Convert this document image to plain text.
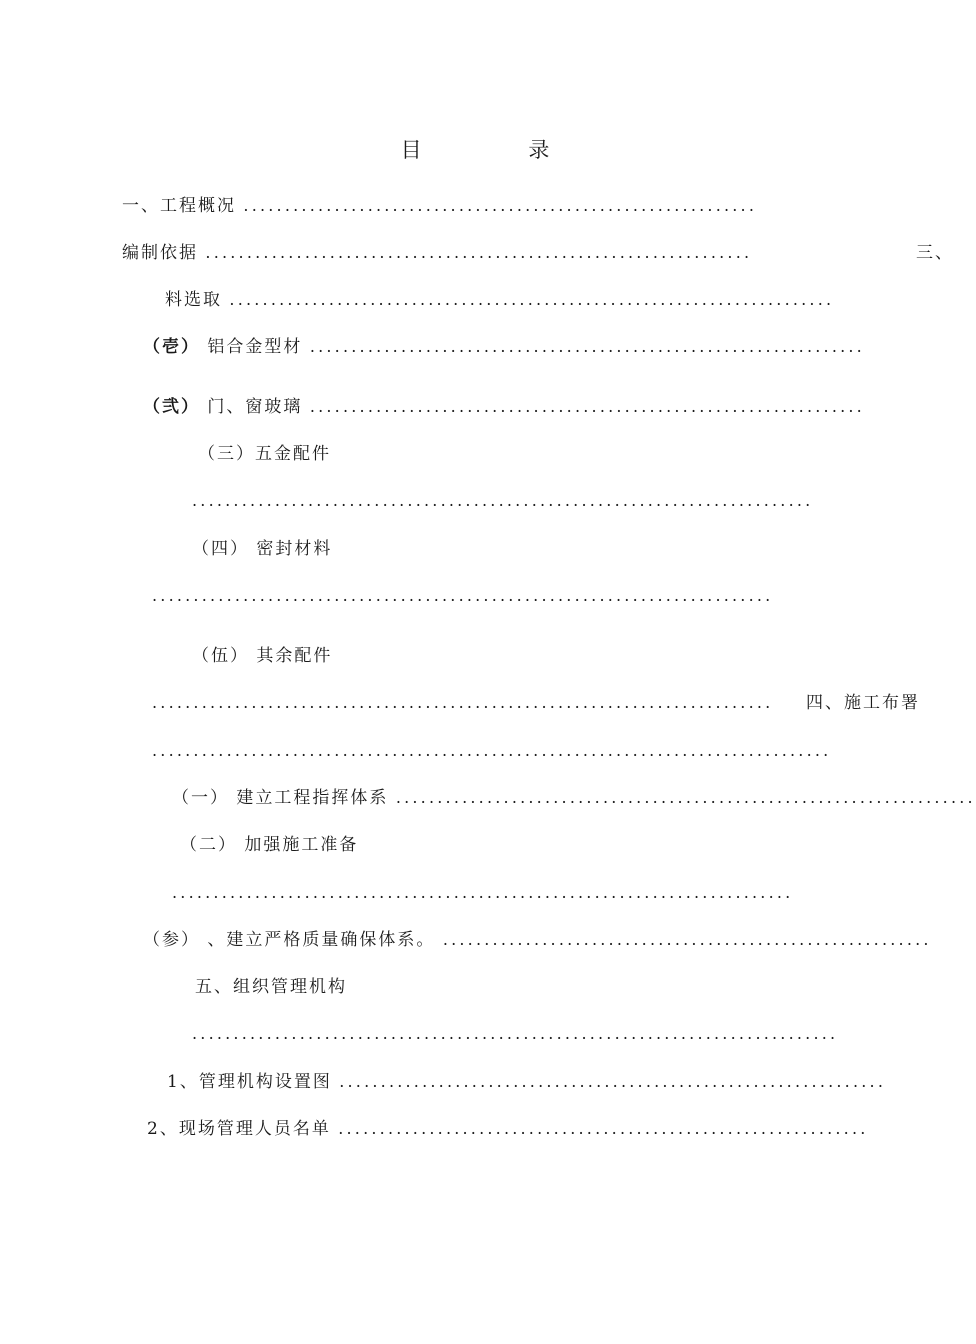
目 录
一、工程概况 ..............................................................
编制依据 ..................................................................	三、
料选取 .........................................................................
（壱） 铝合金型材 ...................................................................
（弐） 门、窗玻璃 ...................................................................
（三）五金配件
...........................................................................
（四） 密封材料
...........................................................................
（伍） 其余配件
........................................................................... 四、施工布署
..................................................................................
（一） 建立工程指挥体系 ......................................................................
（二） 加强施工准备
...........................................................................
（参） 、建立严格质量确保体系。 ...........................................................
五、组织管理机构
..............................................................................
1、管理机构设置图 ..................................................................
2、现场管理人员名单 ................................................................
